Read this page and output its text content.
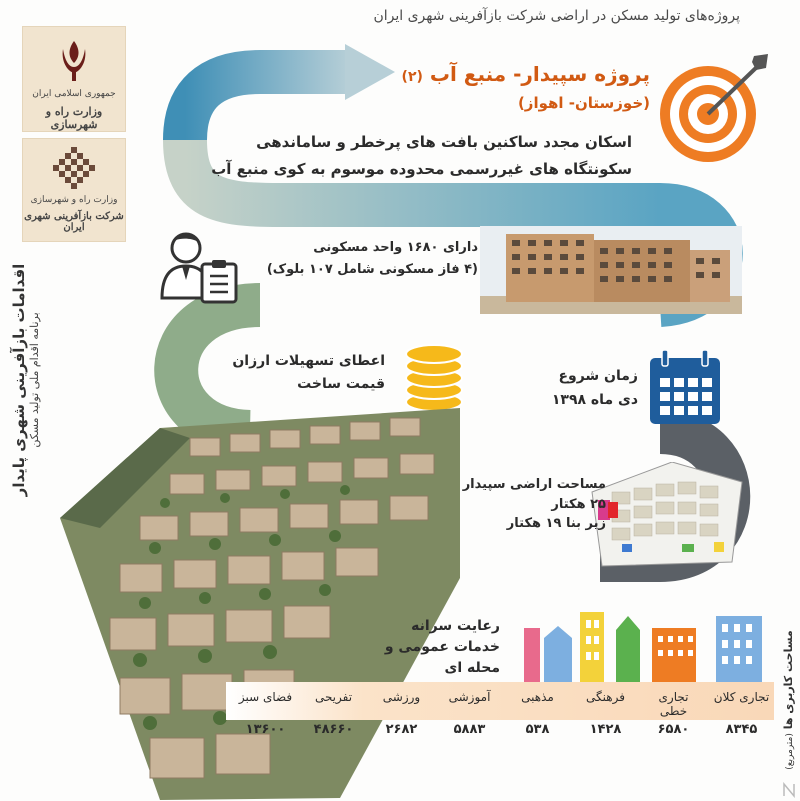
پروژه‌های تولید مسکن در اراضی شرکت بازآفرینی شهری ایران
جمهوری اسلامی ایران
وزارت راه و شهرسازی
وزارت راه و شهرسازی
شرکت بازآفرینی شهری ایران
اقدامات بازآفرینی شهری پایدار برنامه اقدام ملی تولید مسکن
پروژه سپیدار- منبع آب (۲)
(خوزستان- اهواز)
اسکان مجدد ساکنین بافت های پرخطر و ساماندهی
سکونتگاه های غیررسمی محدوده موسوم به کوی منبع آب
دارای ۱۶۸۰ واحد مسکونی
(۴ فاز مسکونی شامل ۱۰۷ بلوک)
اعطای تسهیلات ارزان
قیمت ساخت	زمان شروع
دی ماه ۱۳۹۸
مساحت اراضی سپیدار
۲۵ هکتار
زیر بنا ۱۹ هکتار
رعایت سرانه
خدمات عمومی و
محله ای
تجاری کلان
تجاری خطی
فرهنگی
مذهبی
آموزشی
ورزشی
تفریحی
فضای سبز
۸۳۴۵
۶۵۸۰
۱۴۲۸
۵۳۸
۵۸۸۳
۲۶۸۲
۴۸۶۶۰
۱۳۶۰۰
مساحت کاربری ها (مترمربع)
